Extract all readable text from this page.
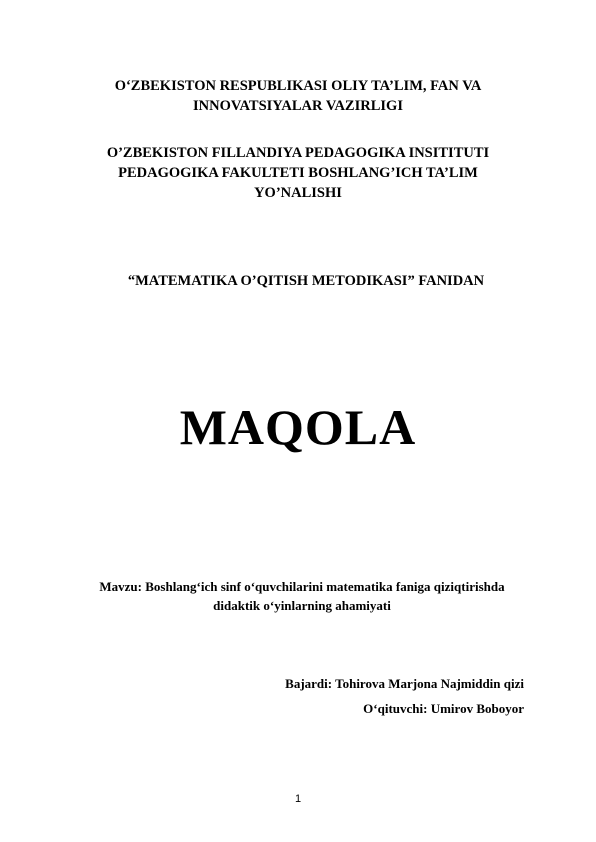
O‘ZBEKISTON RESPUBLIKASI OLIY TA’LIM, FAN VA
INNOVATSIYALAR VAZIRLIGI
O’ZBEKISTON FILLANDIYA PEDAGOGIKA INSITITUTI
PEDAGOGIKA FAKULTETI BOSHLANG’ICH TA’LIM
YO’NALISHI
“MATEMATIKA O’QITISH METODIKASI” FANIDAN
MAQOLA
Mavzu: Boshlang‘ich sinf o‘quvchilarini matematika faniga qiziqtirishda
didaktik o‘yinlarning ahamiyati
Bajardi: Tohirova Marjona Najmiddin qizi
O‘qituvchi: Umirov Boboyor
1
